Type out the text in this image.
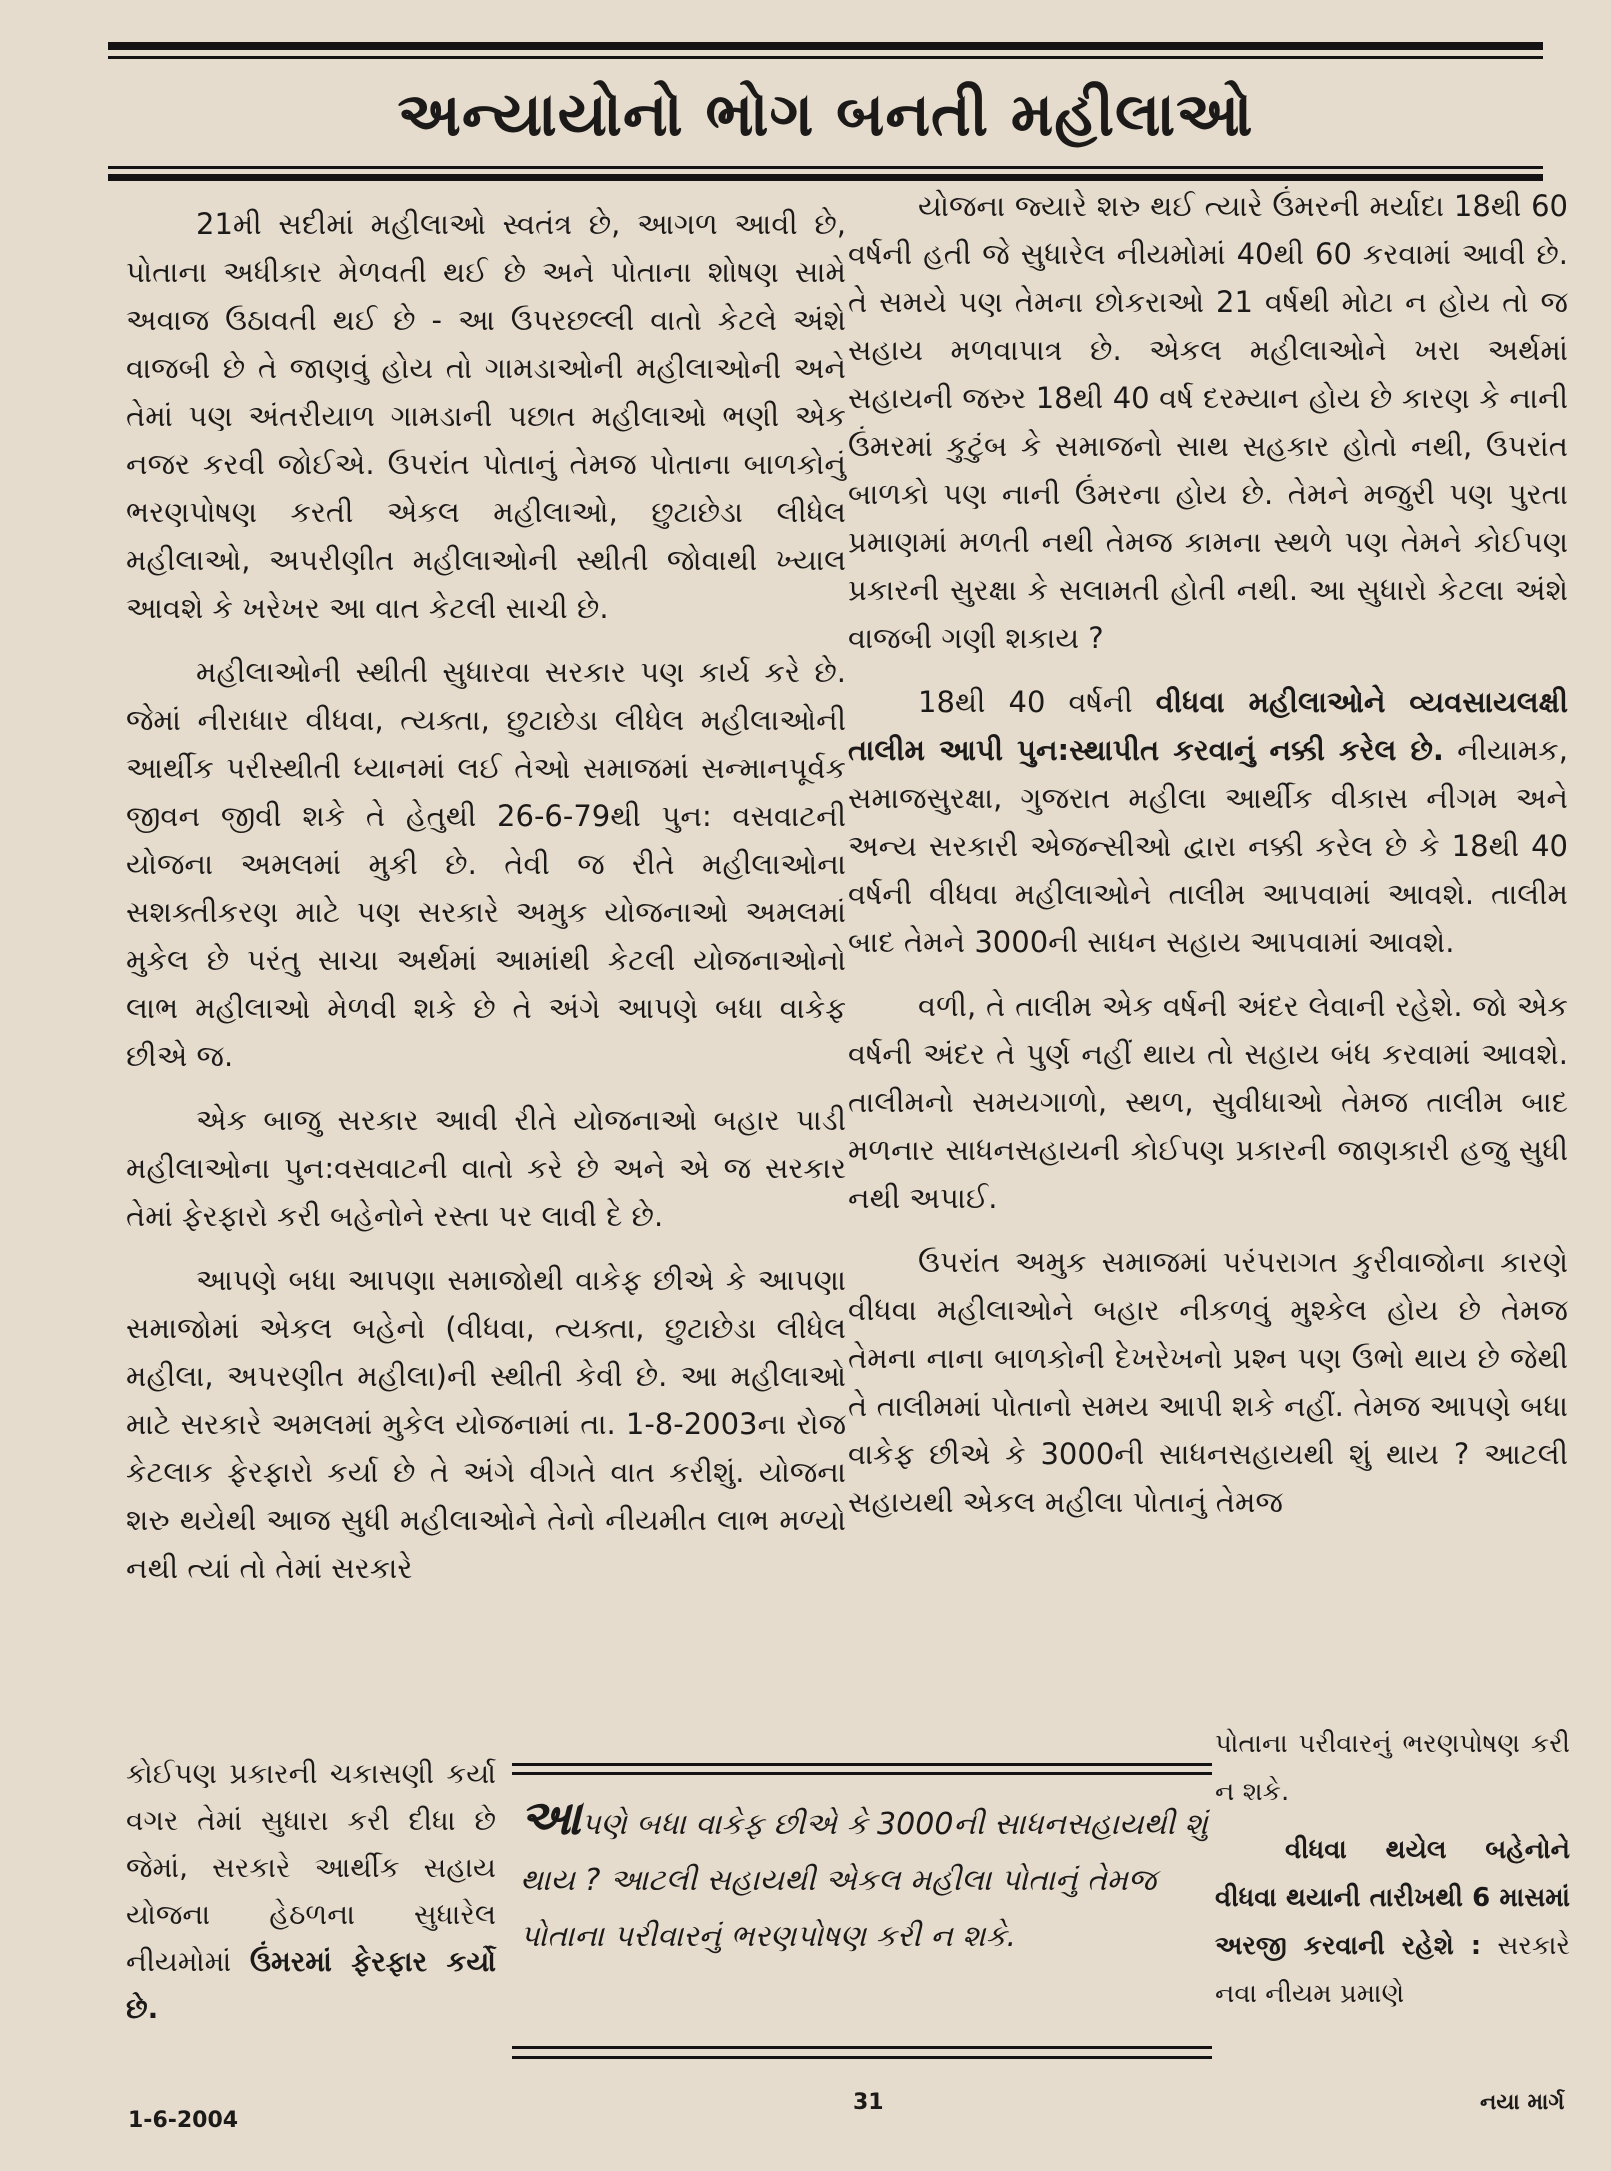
અન્યાયોનો ભોગ બનતી મહીલાઓ

21મી સદીમાં મહીલાઓ સ્વતંત્ર છે, આગળ આવી છે, પોતાના અધીકાર મેળવતી થઈ છે અને પોતાના શોષણ સામે અવાજ ઉઠાવતી થઈ છે - આ ઉપરછલ્લી વાતો કેટલે અંશે વાજબી છે તે જાણવું હોય તો ગામડાઓની મહીલાઓની અને તેમાં પણ અંતરીયાળ ગામડાની પછાત મહીલાઓ ભણી એક નજર કરવી જોઈએ. ઉપરાંત પોતાનું તેમજ પોતાના બાળકોનું ભરણપોષણ કરતી એકલ મહીલાઓ, છુટાછેડા લીધેલ મહીલાઓ, અપરીણીત મહીલાઓની સ્થીતી જોવાથી ખ્યાલ આવશે કે ખરેખર આ વાત કેટલી સાચી છે.

મહીલાઓની સ્થીતી સુધારવા સરકાર પણ કાર્ય કરે છે. જેમાં નીરાધાર વીધવા, ત્યક્તા, છુટાછેડા લીધેલ મહીલાઓની આર્થીક પરીસ્થીતી ધ્યાનમાં લઈ તેઓ સમાજમાં સન્માનપૂર્વક જીવન જીવી શકે તે હેતુથી 26-6-79થી પુન: વસવાટની યોજના અમલમાં મુકી છે. તેવી જ રીતે મહીલાઓના સશક્તીકરણ માટે પણ સરકારે અમુક યોજનાઓ અમલમાં મુકેલ છે પરંતુ સાચા અર્થમાં આમાંથી કેટલી યોજનાઓનો લાભ મહીલાઓ મેળવી શકે છે તે અંગે આપણે બધા વાકેફ છીએ જ.

એક બાજુ સરકાર આવી રીતે યોજનાઓ બહાર પાડી મહીલાઓના પુન:વસવાટની વાતો કરે છે અને એ જ સરકાર તેમાં ફેરફારો કરી બહેનોને રસ્તા પર લાવી દે છે.

આપણે બધા આપણા સમાજોથી વાકેફ છીએ કે આપણા સમાજોમાં એકલ બહેનો (વીધવા, ત્યક્તા, છુટાછેડા લીધેલ મહીલા, અપરણીત મહીલા)ની સ્થીતી કેવી છે. આ મહીલાઓ માટે સરકારે અમલમાં મુકેલ યોજનામાં તા. 1-8-2003ના રોજ કેટલાક ફેરફારો કર્યા છે તે અંગે વીગતે વાત કરીશું. યોજના શરુ થયેથી આજ સુધી મહીલાઓને તેનો નીયમીત લાભ મળ્યો નથી ત્યાં તો તેમાં સરકારે

કોઈપણ પ્રકારની ચકાસણી કર્યા વગર તેમાં સુધારા કરી દીધા છે જેમાં, સરકારે આર્થીક સહાય યોજના હેઠળના સુધારેલ નીયમોમાં ઉંમરમાં ફેરફાર કર્યો છે.

યોજના જ્યારે શરુ થઈ ત્યારે ઉંમરની મર્યાદા 18થી 60 વર્ષની હતી જે સુધારેલ નીયમોમાં 40થી 60 કરવામાં આવી છે. તે સમયે પણ તેમના છોકરાઓ 21 વર્ષથી મોટા ન હોય તો જ સહાય મળવાપાત્ર છે. એકલ મહીલાઓને ખરા અર્થમાં સહાયની જરુર 18થી 40 વર્ષ દરમ્યાન હોય છે કારણ કે નાની ઉંમરમાં કુટુંબ કે સમાજનો સાથ સહકાર હોતો નથી, ઉપરાંત બાળકો પણ નાની ઉંમરના હોય છે. તેમને મજુરી પણ પુરતા પ્રમાણમાં મળતી નથી તેમજ કામના સ્થળે પણ તેમને કોઈપણ પ્રકારની સુરક્ષા કે સલામતી હોતી નથી. આ સુધારો કેટલા અંશે વાજબી ગણી શકાય ?

18થી 40 વર્ષની વીધવા મહીલાઓને વ્યવસાયલક્ષી તાલીમ આપી પુન:સ્થાપીત કરવાનું નક્કી કરેલ છે. નીયામક, સમાજસુરક્ષા, ગુજરાત મહીલા આર્થીક વીકાસ નીગમ અને અન્ય સરકારી એજન્સીઓ દ્વારા નક્કી કરેલ છે કે 18થી 40 વર્ષની વીધવા મહીલાઓને તાલીમ આપવામાં આવશે. તાલીમ બાદ તેમને 3000ની સાધન સહાય આપવામાં આવશે.

વળી, તે તાલીમ એક વર્ષની અંદર લેવાની રહેશે. જો એક વર્ષની અંદર તે પુર્ણ નહીં થાય તો સહાય બંધ કરવામાં આવશે. તાલીમનો સમયગાળો, સ્થળ, સુવીધાઓ તેમજ તાલીમ બાદ મળનાર સાધનસહાયની કોઈપણ પ્રકારની જાણકારી હજુ સુધી નથી અપાઈ.

ઉપરાંત અમુક સમાજમાં પરંપરાગત કુરીવાજોના કારણે વીધવા મહીલાઓને બહાર નીકળવું મુશ્કેલ હોય છે તેમજ તેમના નાના બાળકોની દેખરેખનો પ્રશ્ન પણ ઉભો થાય છે જેથી તે તાલીમમાં પોતાનો સમય આપી શકે નહીં. તેમજ આપણે બધા વાકેફ છીએ કે 3000ની સાધનસહાયથી શું થાય ? આટલી સહાયથી એકલ મહીલા પોતાનું તેમજ

પોતાના પરીવારનું ભરણપોષણ કરી ન શકે.

વીધવા થયેલ બહેનોને વીધવા થયાની તારીખથી 6 માસમાં અરજી કરવાની રહેશે : સરકારે નવા નીયમ પ્રમાણે

આપણે બધા વાકેફ છીએ કે 3000ની સાધનસહાયથી શું થાય ? આટલી સહાયથી એકલ મહીલા પોતાનું તેમજ પોતાના પરીવારનું ભરણપોષણ કરી ન શકે.
1-6-2004
31	નયા માર્ગ
